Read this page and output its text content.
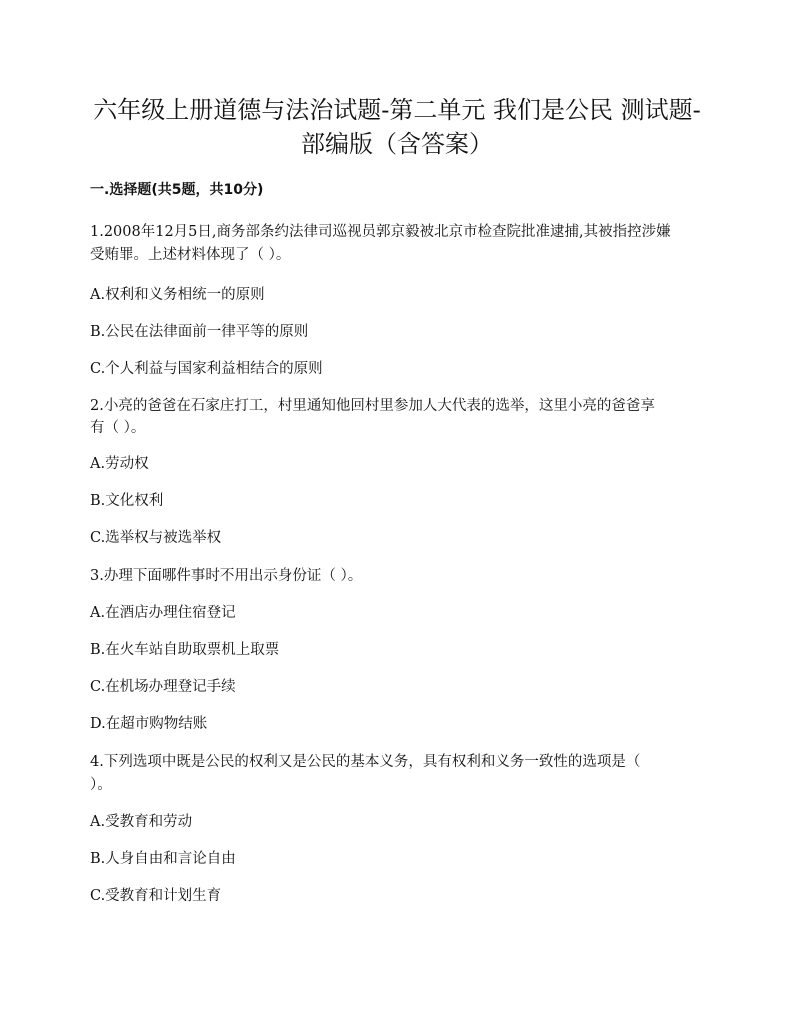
六年级上册道德与法治试题-第二单元 我们是公民 测试题-
部编版（含答案）
一.选择题(共5题，共10分)

1.2008年12月5日,商务部条约法律司巡视员郭京毅被北京市检查院批准逮捕,其被指控涉嫌

受贿罪。上述材料体现了（ ）。

A.权利和义务相统一的原则

B.公民在法律面前一律平等的原则

C.个人利益与国家利益相结合的原则

2.小亮的爸爸在石家庄打工，村里通知他回村里参加人大代表的选举，这里小亮的爸爸享

有（ ）。

A.劳动权

B.文化权利

C.选举权与被选举权

3.办理下面哪件事时不用出示身份证（ ）。

A.在酒店办理住宿登记

B.在火车站自助取票机上取票

C.在机场办理登记手续

D.在超市购物结账

4.下列选项中既是公民的权利又是公民的基本义务，具有权利和义务一致性的选项是（

）。

A.受教育和劳动

B.人身自由和言论自由

C.受教育和计划生育
